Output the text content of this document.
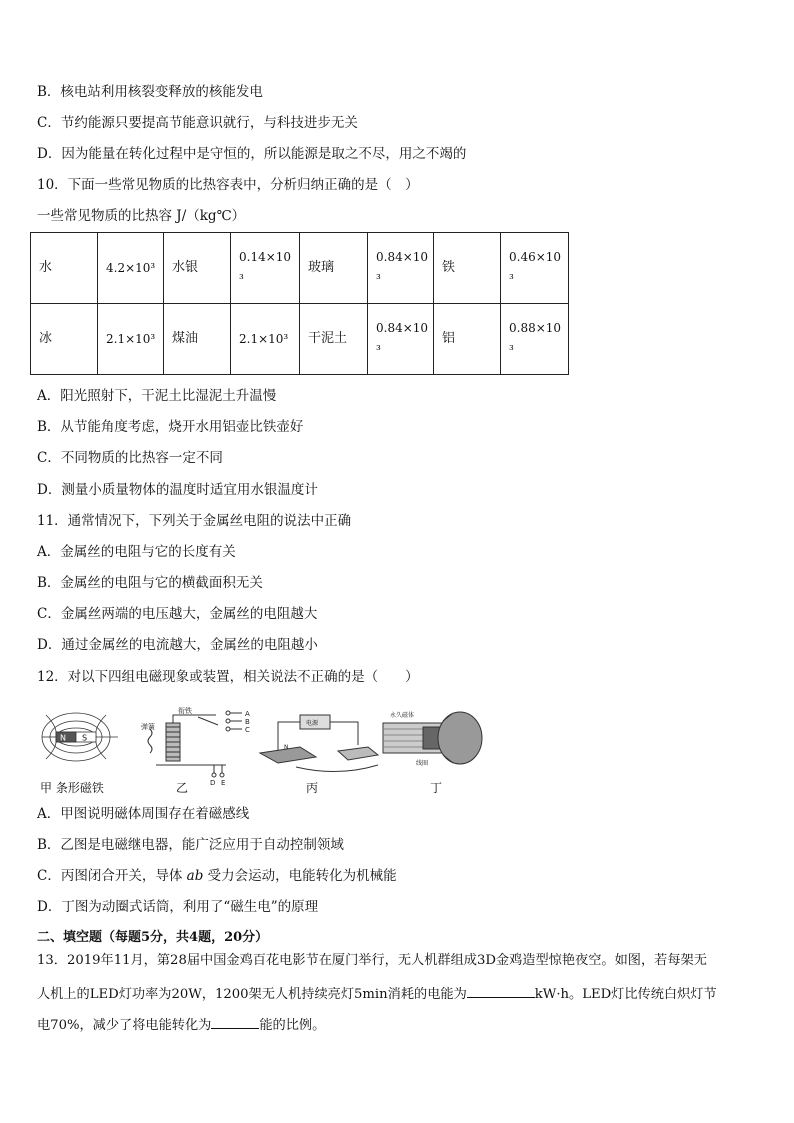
B．核电站利用核裂变释放的核能发电
C．节约能源只要提高节能意识就行，与科技进步无关
D．因为能量在转化过程中是守恒的，所以能源是取之不尽，用之不竭的
10．下面一些常见物质的比热容表中，分析归纳正确的是（　）
一些常见物质的比热容 J/（kg℃）
水	4.2×10³	水银	0.14×10³	玻璃	0.84×10³	铁	0.46×10³

冰	2.1×10³	煤油	2.1×10³	干泥土	0.84×10³	铝	0.88×10³
A．阳光照射下，干泥土比湿泥土升温慢
B．从节能角度考虑，烧开水用铝壶比铁壶好
C．不同物质的比热容一定不同
D．测量小质量物体的温度时适宜用水银温度计
11．通常情况下，下列关于金属丝电阻的说法中正确
A．金属丝的电阻与它的长度有关
B．金属丝的电阻与它的横截面积无关
C．金属丝两端的电压越大，金属丝的电阻越大
D．通过金属丝的电流越大，金属丝的电阻越小
12．对以下四组电磁现象或装置，相关说法不正确的是（　　）
N S
衔铁
弹簧
A
B
C
D E
电源
N
永久磁体
线圈
甲 条形磁铁	乙	丙	丁
A．甲图说明磁体周围存在着磁感线
B．乙图是电磁继电器，能广泛应用于自动控制领域
C．丙图闭合开关，导体 ab 受力会运动，电能转化为机械能
D．丁图为动圈式话筒，利用了“磁生电”的原理
二、填空题（每题5分，共4题，20分）
13．2019年11月，第28届中国金鸡百花电影节在厦门举行，无人机群组成3D金鸡造型惊艳夜空。如图，若每架无
人机上的LED灯功率为20W，1200架无人机持续亮灯5min消耗的电能为	kW·h。LED灯比传统白炽灯节
电70%，减少了将电能转化为	能的比例。
